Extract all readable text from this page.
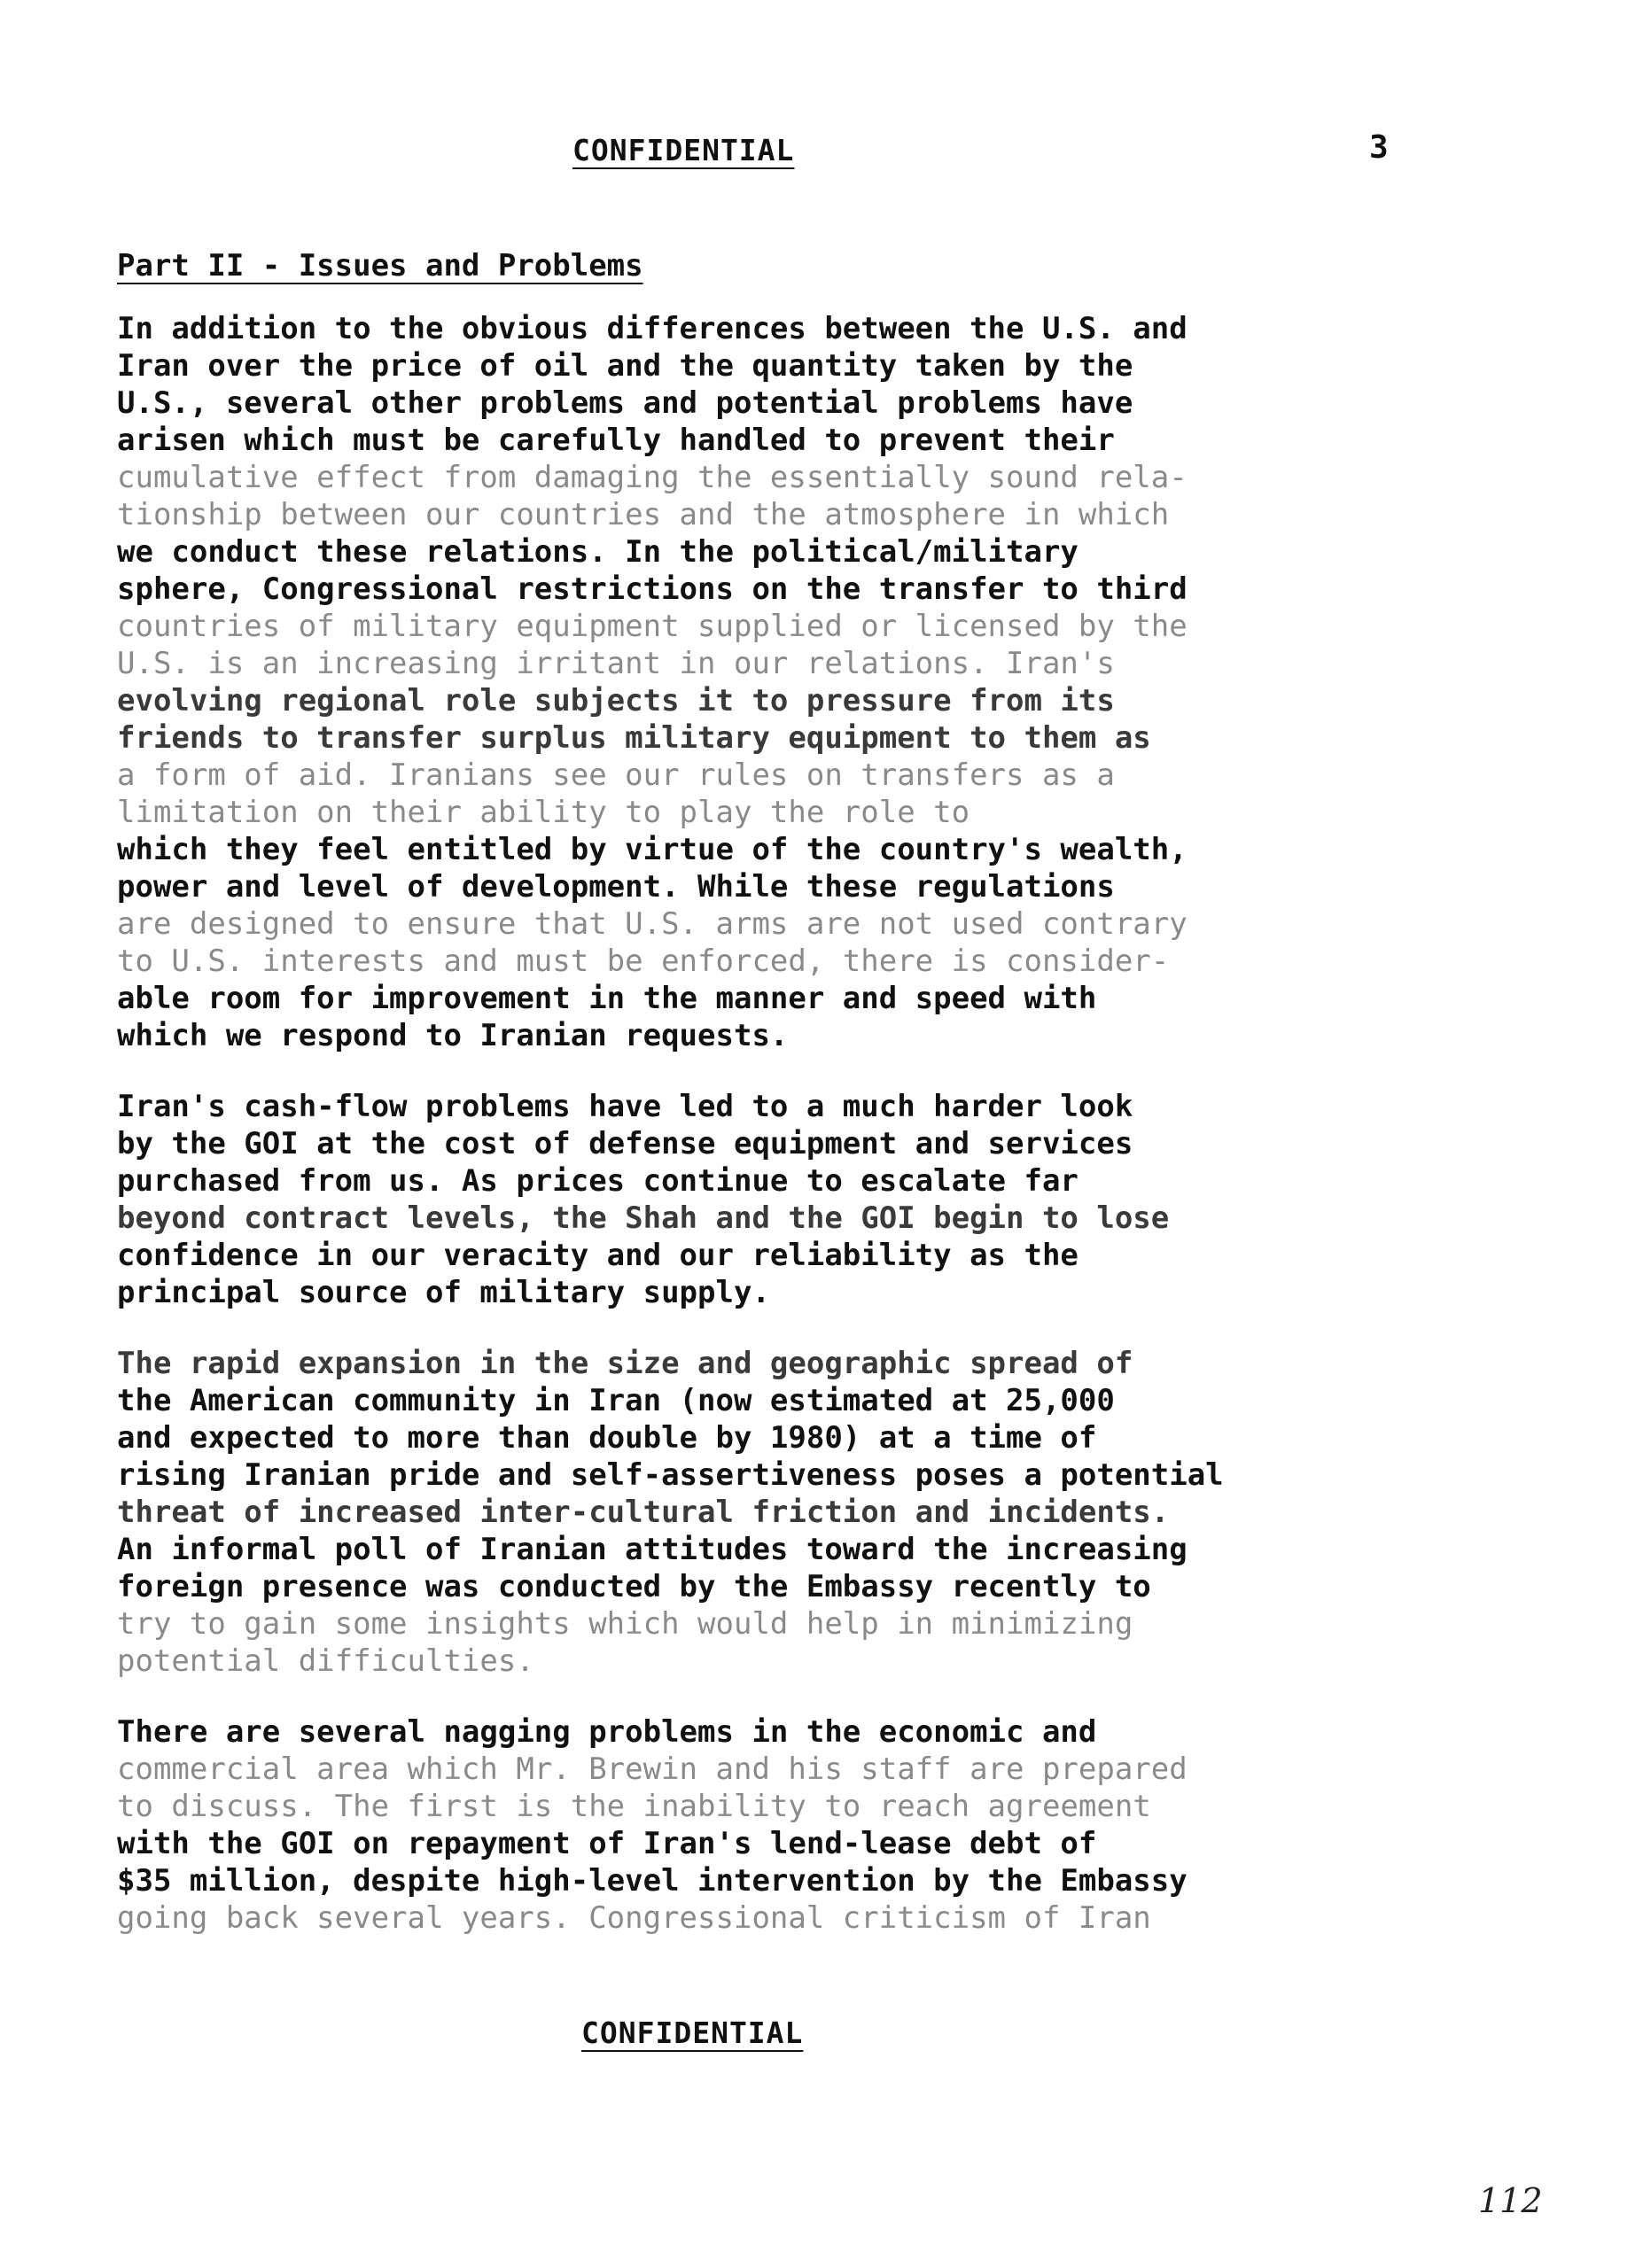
CONFIDENTIAL	3
Part II - Issues and Problems
In addition to the obvious differences between the U.S. and
Iran over the price of oil and the quantity taken by the
U.S., several other problems and potential problems have
arisen which must be carefully handled to prevent their
cumulative effect from damaging the essentially sound rela-
tionship between our countries and the atmosphere in which
we conduct these relations. In the political/military
sphere, Congressional restrictions on the transfer to third
countries of military equipment supplied or licensed by the
U.S. is an increasing irritant in our relations. Iran's
evolving regional role subjects it to pressure from its
friends to transfer surplus military equipment to them as
a form of aid. Iranians see our rules on transfers as a
limitation on their ability to play the role to
which they feel entitled by virtue of the country's wealth,
power and level of development. While these regulations
are designed to ensure that U.S. arms are not used contrary
to U.S. interests and must be enforced, there is consider-
able room for improvement in the manner and speed with
which we respond to Iranian requests.
Iran's cash-flow problems have led to a much harder look
by the GOI at the cost of defense equipment and services
purchased from us. As prices continue to escalate far
beyond contract levels, the Shah and the GOI begin to lose
confidence in our veracity and our reliability as the
principal source of military supply.
The rapid expansion in the size and geographic spread of
the American community in Iran (now estimated at 25,000
and expected to more than double by 1980) at a time of
rising Iranian pride and self-assertiveness poses a potential
threat of increased inter-cultural friction and incidents.
An informal poll of Iranian attitudes toward the increasing
foreign presence was conducted by the Embassy recently to
try to gain some insights which would help in minimizing
potential difficulties.
There are several nagging problems in the economic and
commercial area which Mr. Brewin and his staff are prepared
to discuss. The first is the inability to reach agreement
with the GOI on repayment of Iran's lend-lease debt of
$35 million, despite high-level intervention by the Embassy
going back several years. Congressional criticism of Iran
CONFIDENTIAL
112
